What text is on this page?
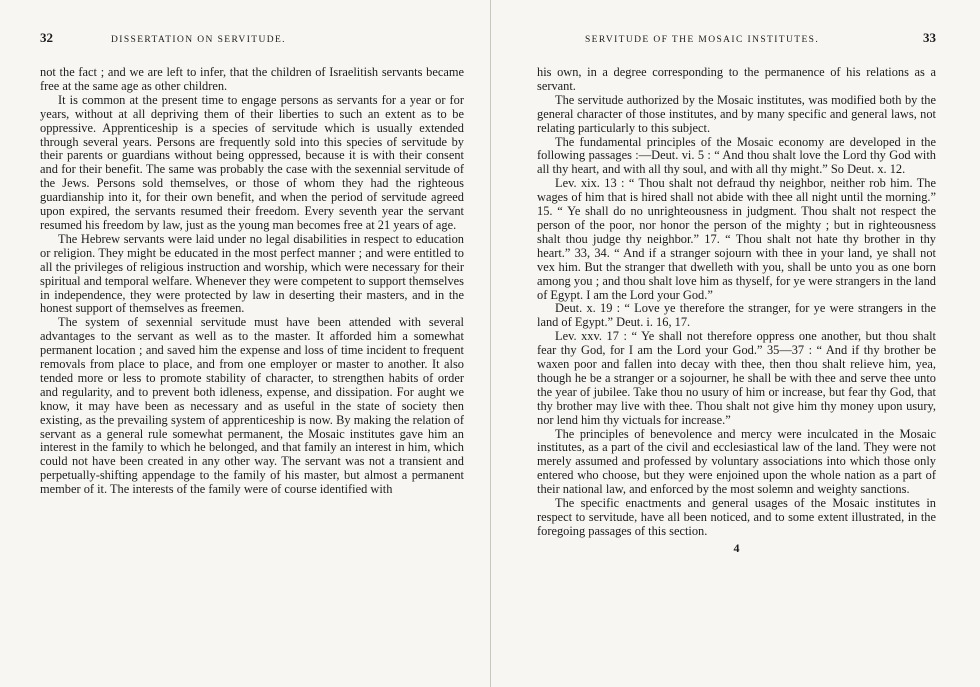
32	DISSERTATION ON SERVITUDE.

not the fact ; and we are left to infer, that the children of Israelitish servants became free at the same age as other children.

It is common at the present time to engage persons as servants for a year or for years, without at all depriving them of their liberties to such an extent as to be oppressive. Apprenticeship is a species of servitude which is usually extended through several years. Persons are frequently sold into this species of servitude by their parents or guardians without being oppressed, because it is with their consent and for their benefit. The same was probably the case with the sexennial servitude of the Jews. Persons sold themselves, or those of whom they had the righteous guardianship into it, for their own benefit, and when the period of servitude agreed upon expired, the servants resumed their freedom. Every seventh year the servant resumed his freedom by law, just as the young man becomes free at 21 years of age.

The Hebrew servants were laid under no legal disabilities in respect to education or religion. They might be educated in the most perfect manner ; and were entitled to all the privileges of religious instruction and worship, which were necessary for their spiritual and temporal welfare. Whenever they were competent to support themselves in independence, they were protected by law in deserting their masters, and in the honest support of themselves as freemen.

The system of sexennial servitude must have been attended with several advantages to the servant as well as to the master. It afforded him a somewhat permanent location ; and saved him the expense and loss of time incident to frequent removals from place to place, and from one employer or master to another. It also tended more or less to promote stability of character, to strengthen habits of order and regularity, and to prevent both idleness, expense, and dissipation. For aught we know, it may have been as necessary and as useful in the state of society then existing, as the prevailing system of apprenticeship is now. By making the relation of servant as a general rule somewhat permanent, the Mosaic institutes gave him an interest in the family to which he belonged, and that family an interest in him, which could not have been created in any other way. The servant was not a transient and perpetually-shifting appendage to the family of his master, but almost a permanent member of it. The interests of the family were of course identified with

SERVITUDE OF THE MOSAIC INSTITUTES.	33

his own, in a degree corresponding to the permanence of his relations as a servant.

The servitude authorized by the Mosaic institutes, was modified both by the general character of those institutes, and by many specific and general laws, not relating particularly to this subject.

The fundamental principles of the Mosaic economy are developed in the following passages :—Deut. vi. 5 : “ And thou shalt love the Lord thy God with all thy heart, and with all thy soul, and with all thy might.” So Deut. x. 12.

Lev. xix. 13 : “ Thou shalt not defraud thy neighbor, neither rob him. The wages of him that is hired shall not abide with thee all night until the morning.” 15. “ Ye shall do no unrighteousness in judgment. Thou shalt not respect the person of the poor, nor honor the person of the mighty ; but in righteousness shalt thou judge thy neighbor.” 17. “ Thou shalt not hate thy brother in thy heart.” 33, 34. “ And if a stranger sojourn with thee in your land, ye shall not vex him. But the stranger that dwelleth with you, shall be unto you as one born among you ; and thou shalt love him as thyself, for ye were strangers in the land of Egypt. I am the Lord your God.”

Deut. x. 19 : “ Love ye therefore the stranger, for ye were strangers in the land of Egypt.” Deut. i. 16, 17.

Lev. xxv. 17 : “ Ye shall not therefore oppress one another, but thou shalt fear thy God, for I am the Lord your God.” 35—37 : “ And if thy brother be waxen poor and fallen into decay with thee, then thou shalt relieve him, yea, though he be a stranger or a sojourner, he shall be with thee and serve thee unto the year of jubilee. Take thou no usury of him or increase, but fear thy God, that thy brother may live with thee. Thou shalt not give him thy money upon usury, nor lend him thy victuals for increase.”

The principles of benevolence and mercy were inculcated in the Mosaic institutes, as a part of the civil and ecclesiastical law of the land. They were not merely assumed and professed by voluntary associations into which those only entered who choose, but they were enjoined upon the whole nation as a part of their national law, and enforced by the most solemn and weighty sanctions.

The specific enactments and general usages of the Mosaic institutes in respect to servitude, have all been noticed, and to some extent illustrated, in the foregoing passages of this section.

4
